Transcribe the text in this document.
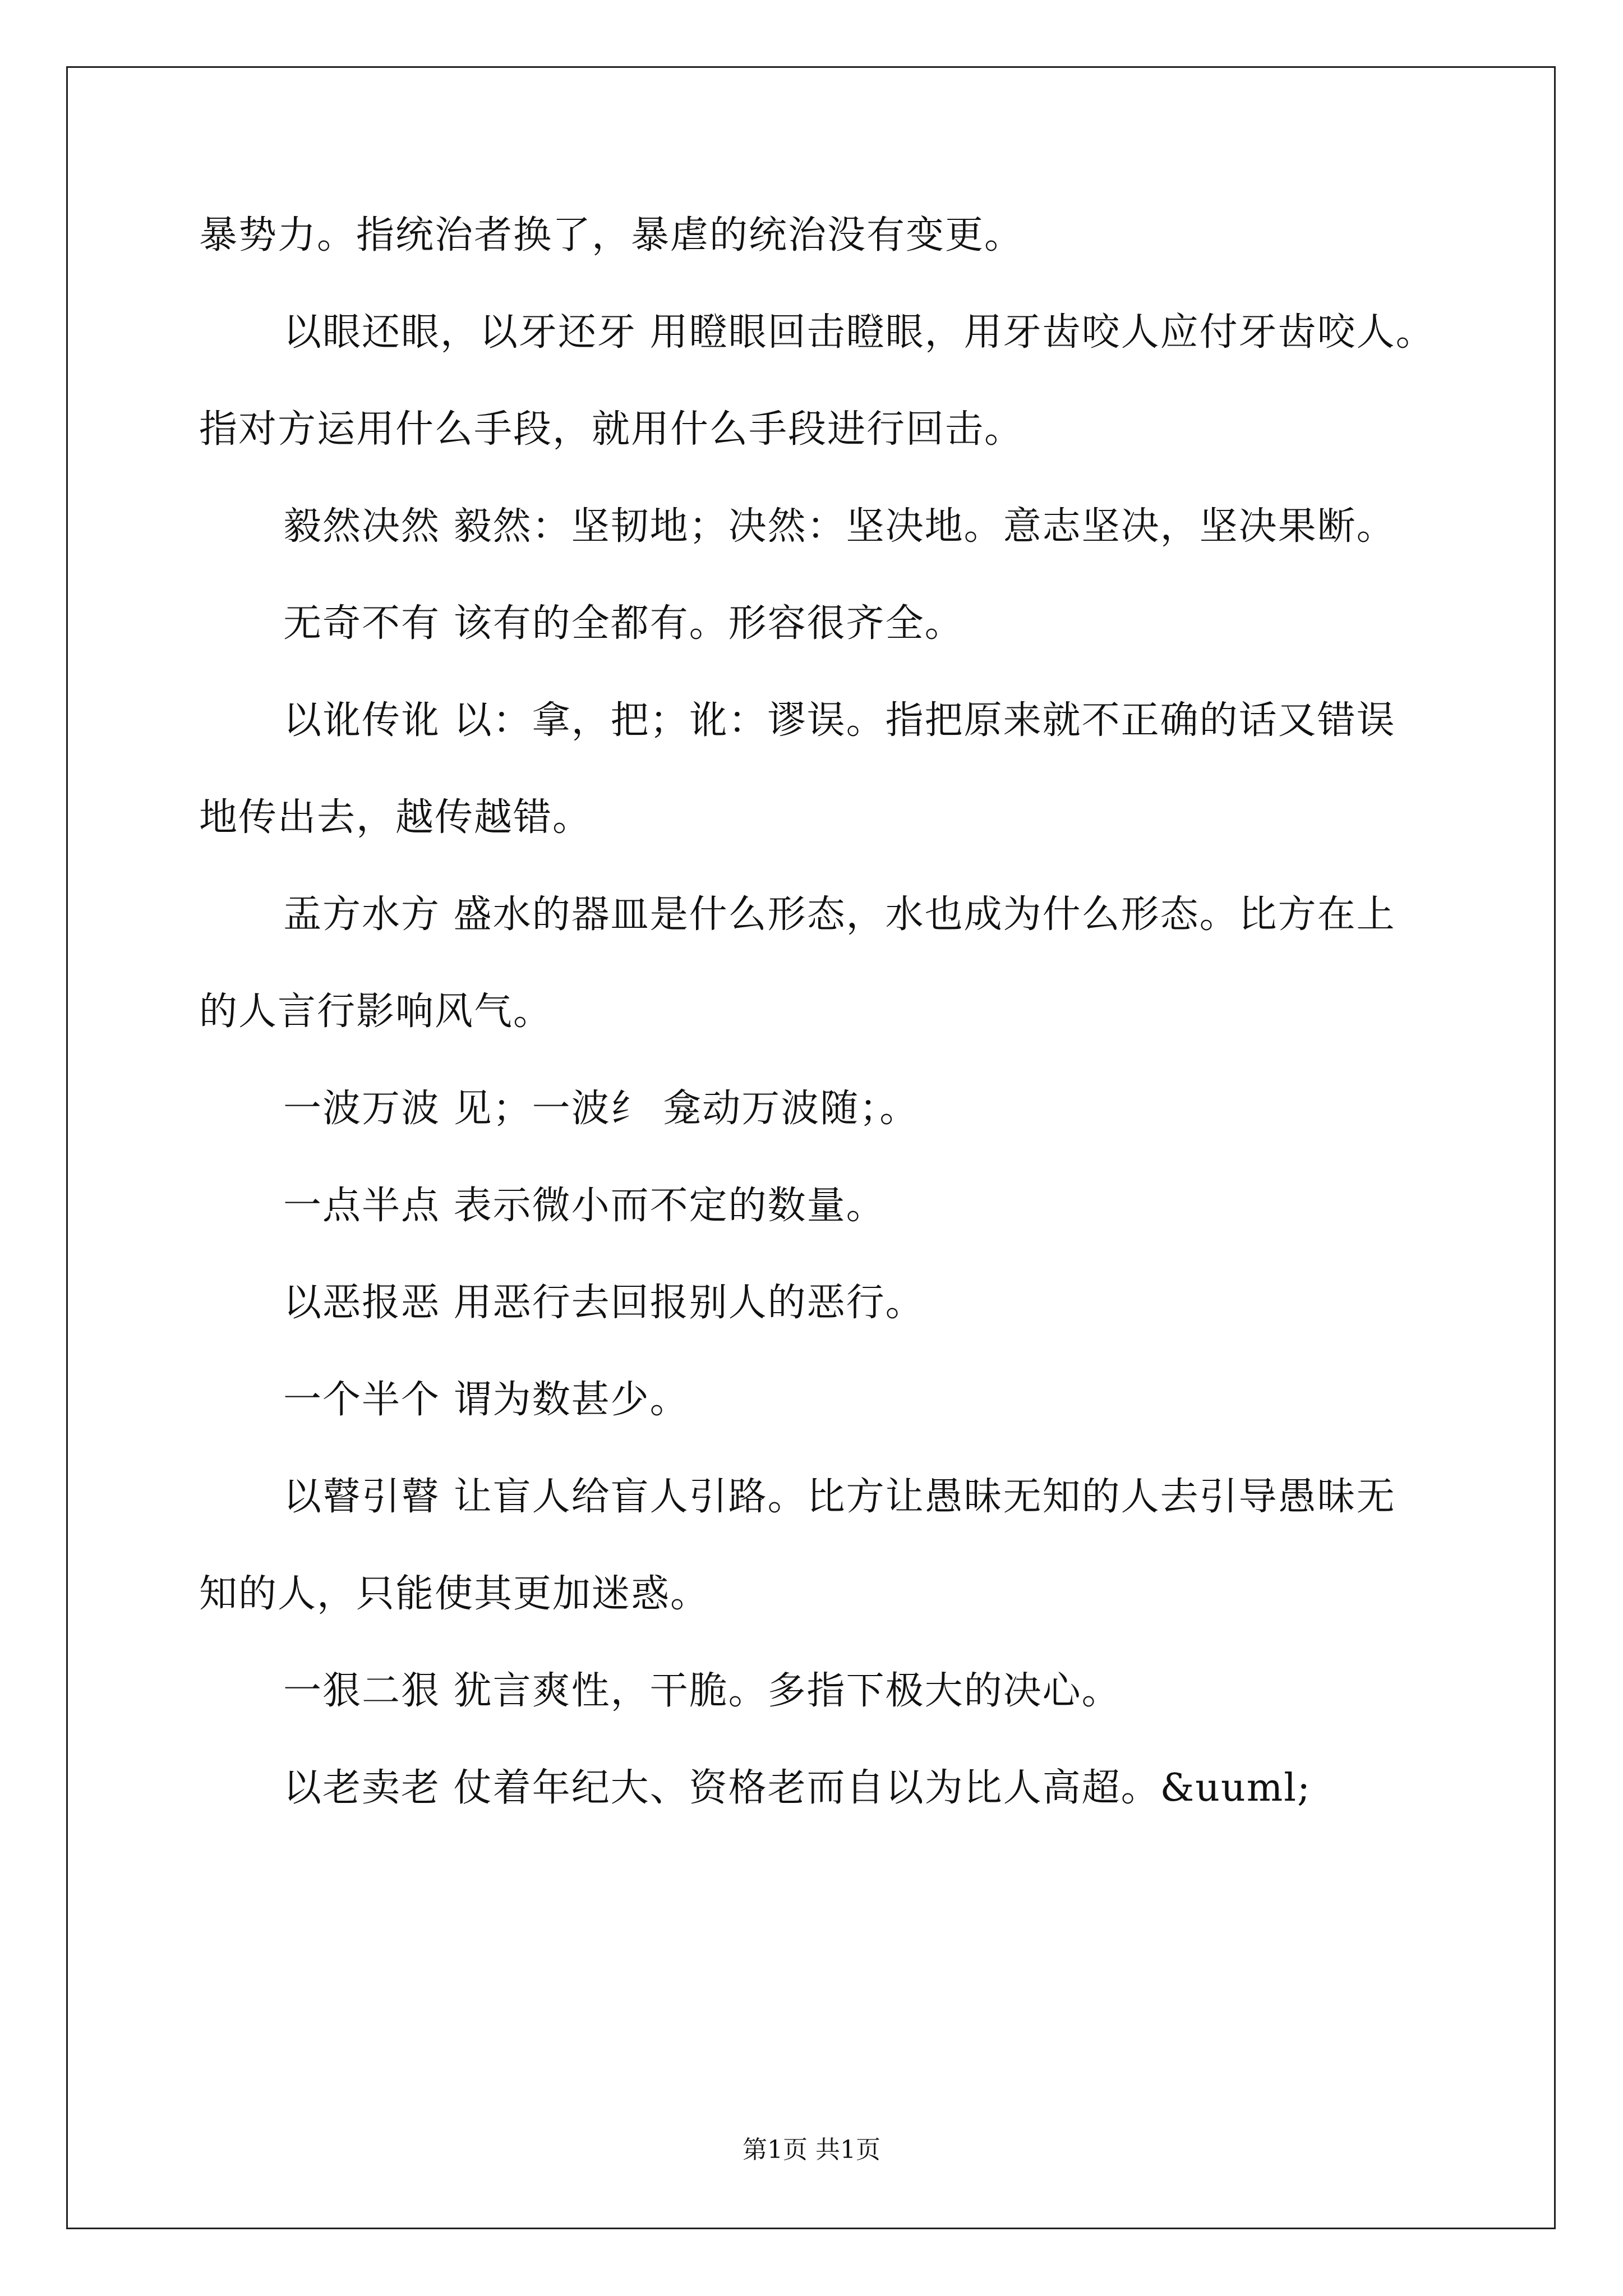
暴势力。指统治者换了，暴虐的统治没有变更。
以眼还眼，以牙还牙 用瞪眼回击瞪眼，用牙齿咬人应付牙齿咬人。
指对方运用什么手段，就用什么手段进行回击。
毅然决然 毅然：坚韧地；决然：坚决地。意志坚决，坚决果断。
无奇不有 该有的全都有。形容很齐全。
以讹传讹 以：拿，把；讹：谬误。指把原来就不正确的话又错误
地传出去，越传越错。
盂方水方 盛水的器皿是什么形态，水也成为什么形态。比方在上
的人言行影响风气。
一波万波 见；一波纟 龛动万波随；。
一点半点 表示微小而不定的数量。
以恶报恶 用恶行去回报别人的恶行。
一个半个 谓为数甚少。
以瞽引瞽 让盲人给盲人引路。比方让愚昧无知的人去引导愚昧无
知的人，只能使其更加迷惑。
一狠二狠 犹言爽性，干脆。多指下极大的决心。
以老卖老 仗着年纪大、资格老而自以为比人高超。&uuml;
第1页 共1页
